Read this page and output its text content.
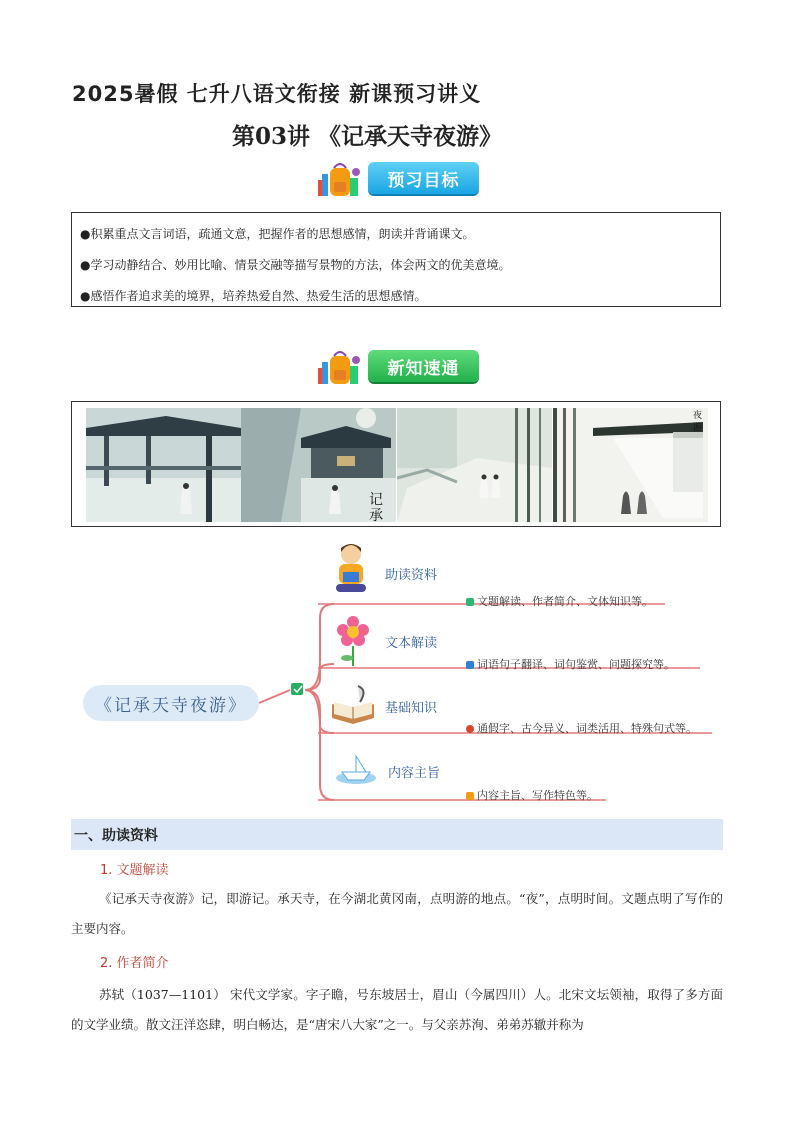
2025暑假 七升八语文衔接 新课预习讲义
第03讲 《记承天寺夜游》
预习目标
●积累重点文言词语，疏通文意，把握作者的思想感情，朗读并背诵课文。
●学习动静结合、妙用比喻、情景交融等描写景物的方法，体会两文的优美意境。
●感悟作者追求美的境界，培养热爱自然、热爱生活的思想感情。
新知速通
记
承
夜
游
《记承天寺夜游》
助读资料
文本解读
基础知识
内容主旨
文题解读、作者简介、文体知识等。
词语句子翻译、词句鉴赏、问题探究等。
通假字、古今异义、词类活用、特殊句式等。
内容主旨、写作特色等。
一、助读资料
1. 文题解读
《记承天寺夜游》记，即游记。承天寺，在今湖北黄冈南，点明游的地点。“夜”，点明时间。文题点明了写作的主要内容。
2. 作者简介
苏轼（1037—1101） 宋代文学家。字子瞻，号东坡居士，眉山（今属四川）人。北宋文坛领袖，取得了多方面的文学业绩。散文汪洋恣肆，明白畅达，是“唐宋八大家”之一。与父亲苏洵、弟弟苏辙并称为
